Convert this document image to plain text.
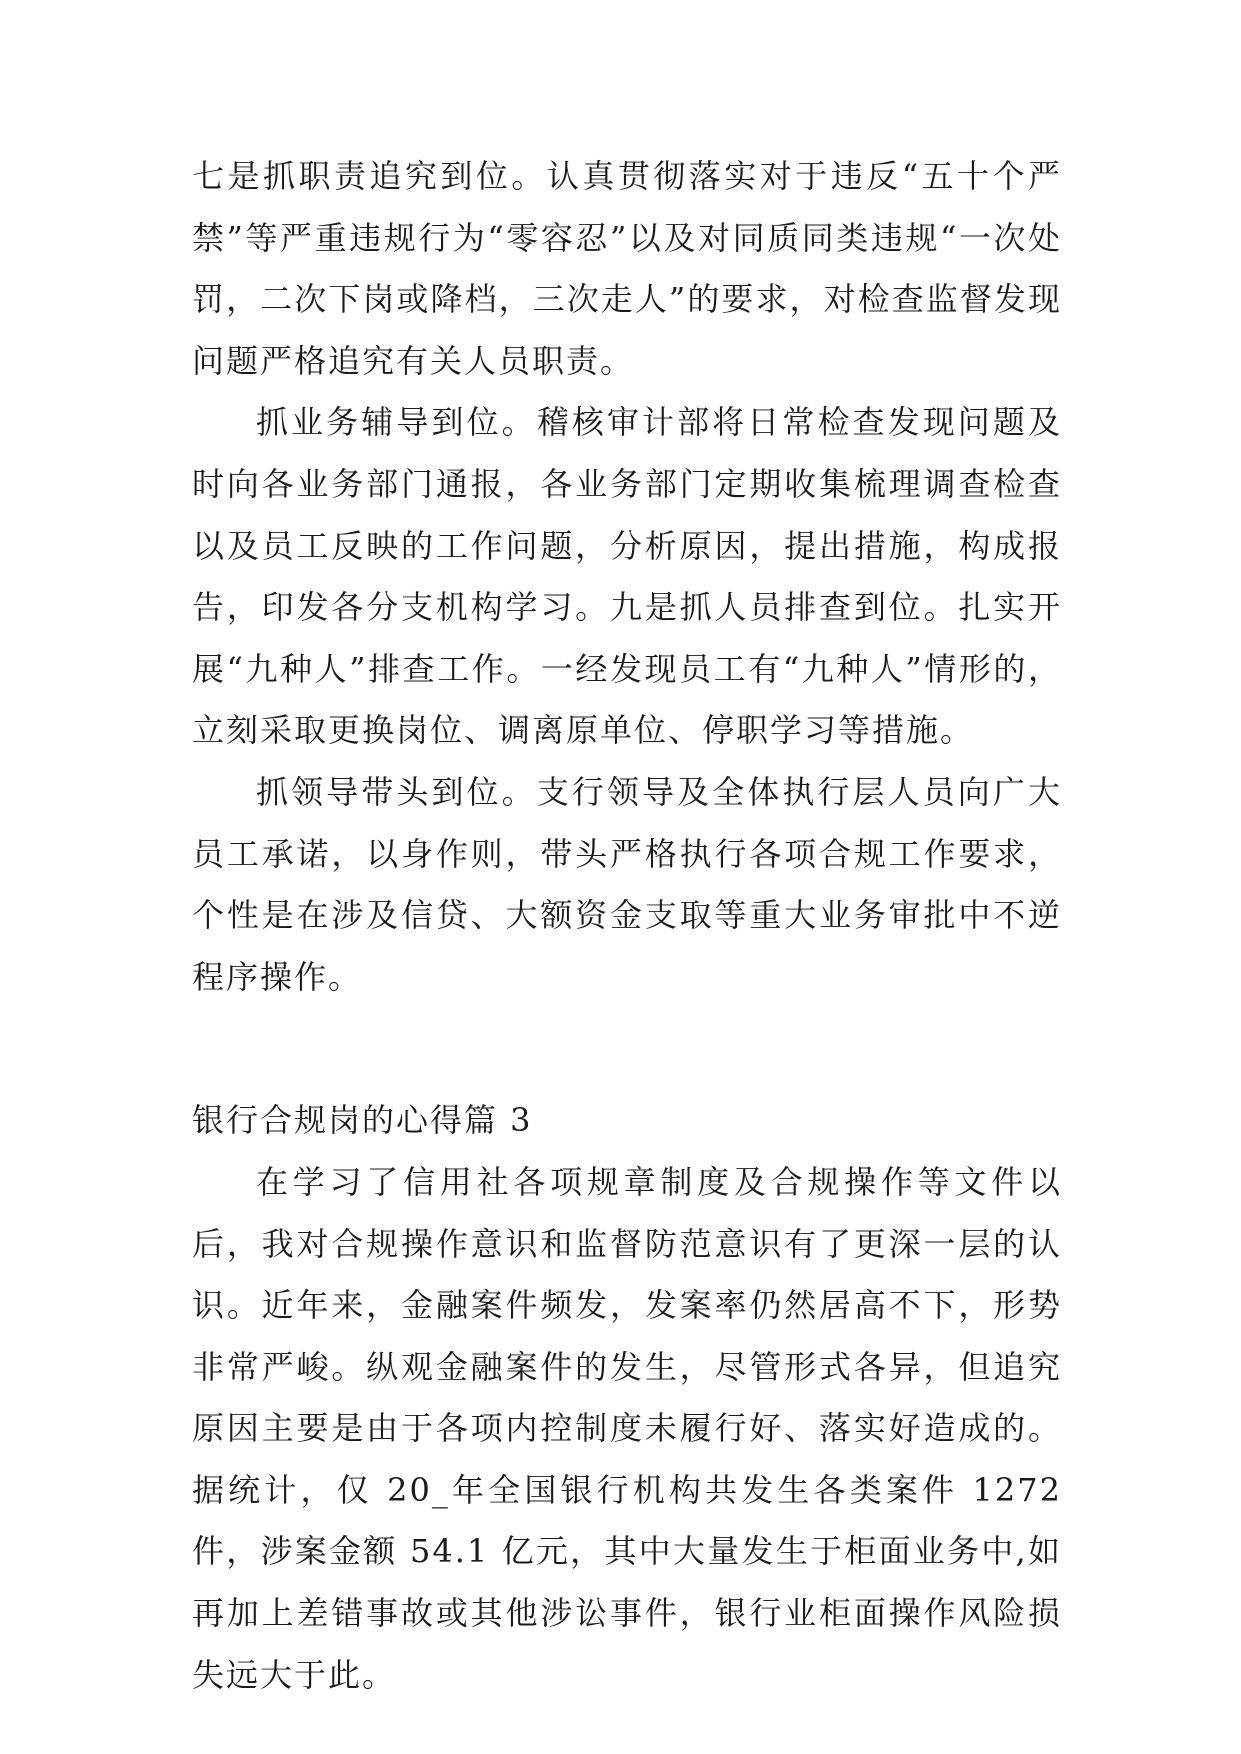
七是抓职责追究到位。认真贯彻落实对于违反“五十个严禁”等严重违规行为“零容忍”以及对同质同类违规“一次处罚，二次下岗或降档，三次走人”的要求，对检查监督发现问题严格追究有关人员职责。

抓业务辅导到位。稽核审计部将日常检查发现问题及时向各业务部门通报，各业务部门定期收集梳理调查检查以及员工反映的工作问题，分析原因，提出措施，构成报告，印发各分支机构学习。九是抓人员排查到位。扎实开展“九种人”排查工作。一经发现员工有“九种人”情形的，立刻采取更换岗位、调离原单位、停职学习等措施。

抓领导带头到位。支行领导及全体执行层人员向广大员工承诺，以身作则，带头严格执行各项合规工作要求，个性是在涉及信贷、大额资金支取等重大业务审批中不逆程序操作。

银行合规岗的心得篇 3

在学习了信用社各项规章制度及合规操作等文件以后，我对合规操作意识和监督防范意识有了更深一层的认识。近年来，金融案件频发，发案率仍然居高不下，形势非常严峻。纵观金融案件的发生，尽管形式各异，但追究原因主要是由于各项内控制度未履行好、落实好造成的。据统计，仅 20_年全国银行机构共发生各类案件 1272 件，涉案金额 54.1 亿元，其中大量发生于柜面业务中,如再加上差错事故或其他涉讼事件，银行业柜面操作风险损失远大于此。
